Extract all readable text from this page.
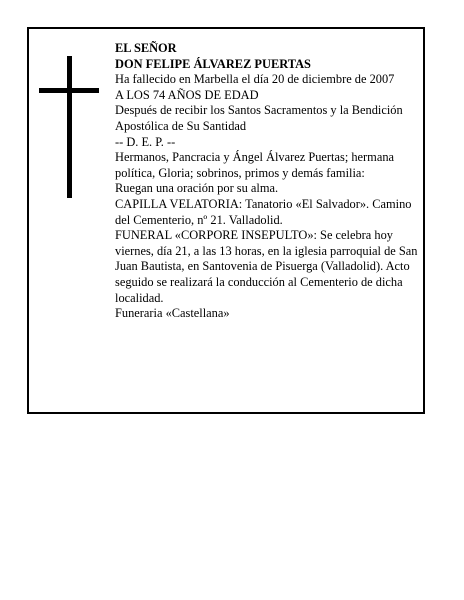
EL SEÑOR

DON FELIPE ÁLVAREZ PUERTAS

Ha fallecido en Marbella el día 20 de diciembre de 2007

A LOS 74 AÑOS DE EDAD

Después de recibir los Santos Sacramentos y la Bendición Apostólica de Su Santidad

-- D. E. P. --

Hermanos, Pancracia y Ángel Álvarez Puertas; hermana política, Gloria; sobrinos, primos y demás familia:

Ruegan una oración por su alma.

CAPILLA VELATORIA: Tanatorio «El Salvador». Camino del Cementerio, nº 21. Valladolid.

FUNERAL «CORPORE INSEPULTO»: Se celebra hoy viernes, día 21, a las 13 horas, en la iglesia parroquial de San Juan Bautista, en Santovenia de Pisuerga (Valladolid). Acto seguido se realizará la conducción al Cementerio de dicha localidad.

Funeraria «Castellana»
